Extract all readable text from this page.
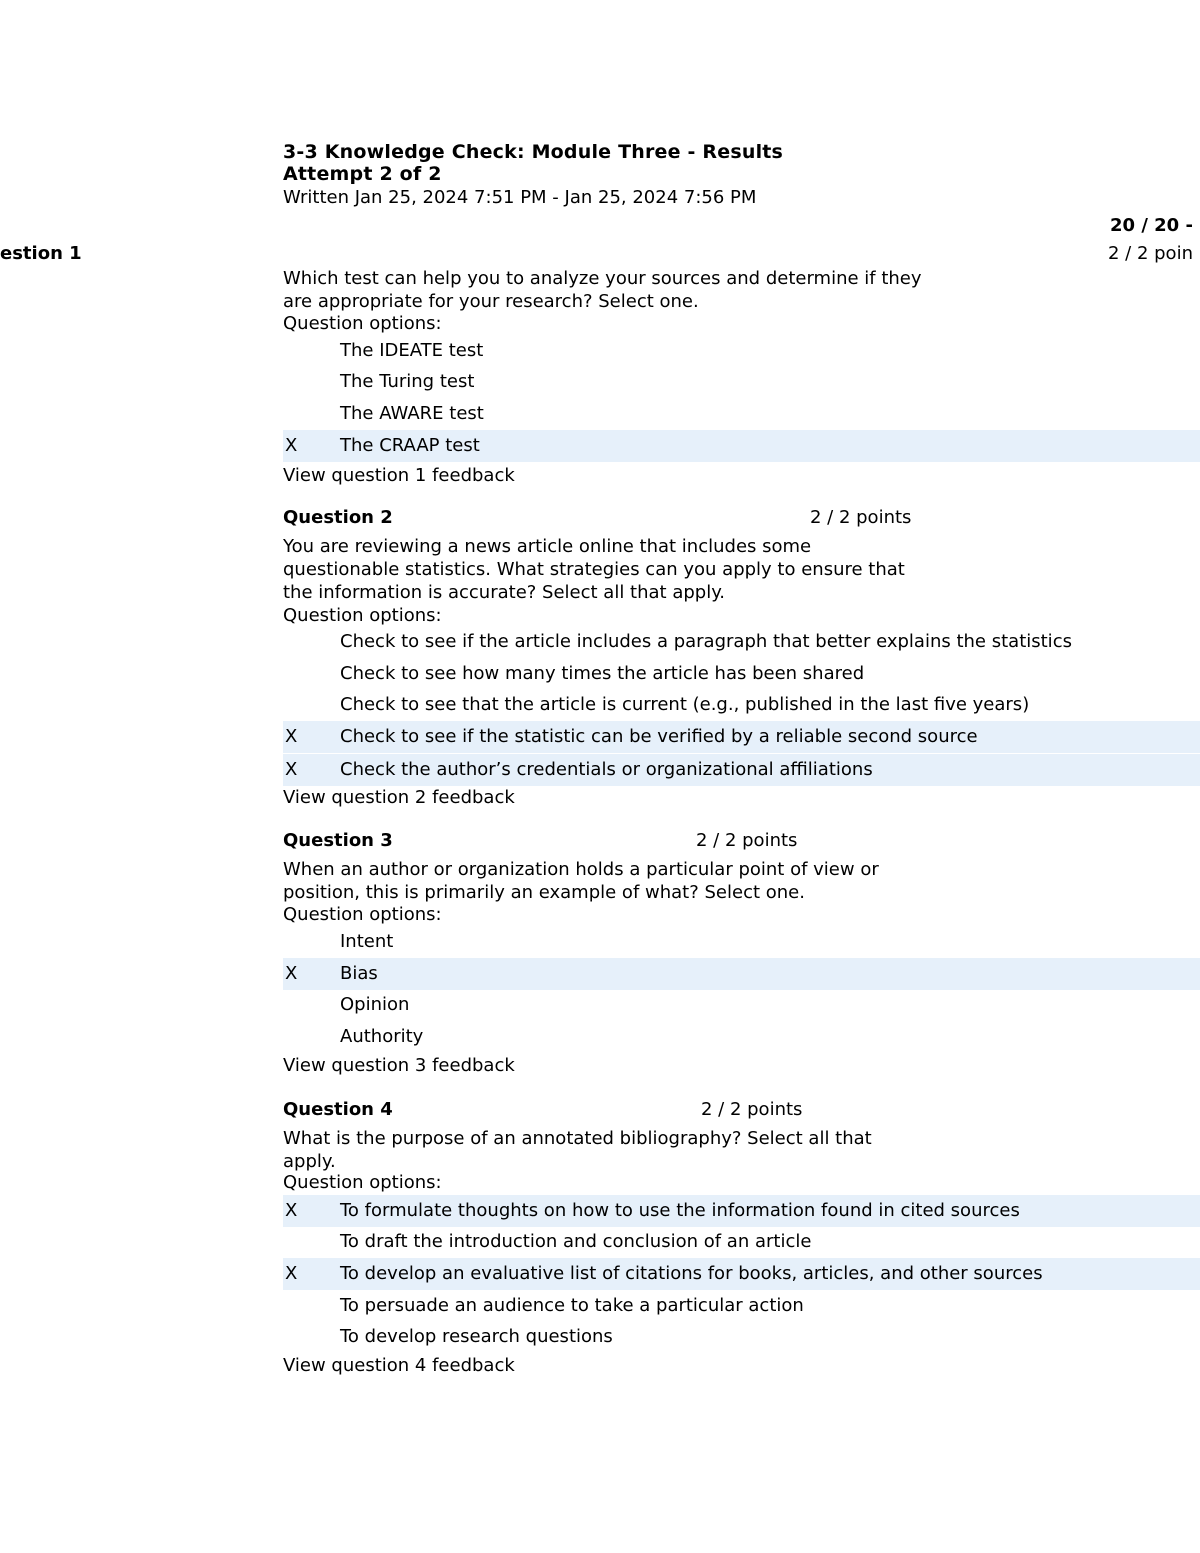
3-3 Knowledge Check: Module Three - Results
Attempt 2 of 2
Written Jan 25, 2024 7:51 PM - Jan 25, 2024 7:56 PM
20 / 20 -
estion 1	2 / 2 poin
Which test can help you to analyze your sources and determine if they are appropriate for your research? Select one.
Question options:
The IDEATE test
The Turing test
The AWARE test
X The CRAAP test
View question 1 feedback
Question 2	2 / 2 points
You are reviewing a news article online that includes some questionable statistics. What strategies can you apply to ensure that the information is accurate? Select all that apply.
Question options:
Check to see if the article includes a paragraph that better explains the statistics
Check to see how many times the article has been shared
Check to see that the article is current (e.g., published in the last five years)
X Check to see if the statistic can be verified by a reliable second source
X Check the author’s credentials or organizational affiliations
View question 2 feedback
Question 3	2 / 2 points
When an author or organization holds a particular point of view or position, this is primarily an example of what? Select one.
Question options:
Intent
X Bias
Opinion
Authority
View question 3 feedback
Question 4	2 / 2 points
What is the purpose of an annotated bibliography? Select all that apply.
Question options:
X To formulate thoughts on how to use the information found in cited sources
To draft the introduction and conclusion of an article
X To develop an evaluative list of citations for books, articles, and other sources
To persuade an audience to take a particular action
To develop research questions
View question 4 feedback
